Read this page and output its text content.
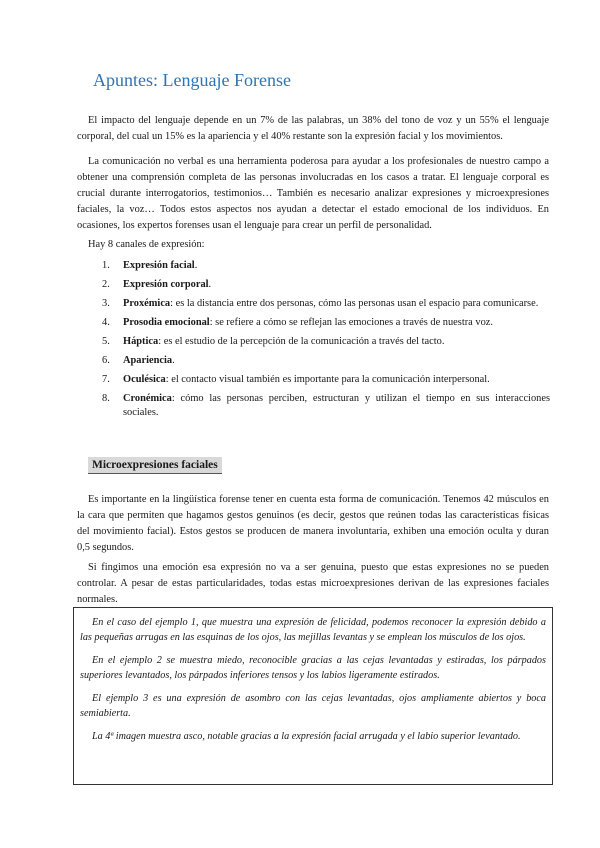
Apuntes: Lenguaje Forense

El impacto del lenguaje depende en un 7% de las palabras, un 38% del tono de voz y un 55% el lenguaje corporal, del cual un 15% es la apariencia y el 40% restante son la expresión facial y los movimientos.

La comunicación no verbal es una herramienta poderosa para ayudar a los profesionales de nuestro campo a obtener una comprensión completa de las personas involucradas en los casos a tratar. El lenguaje corporal es crucial durante interrogatorios, testimonios… También es necesario analizar expresiones y microexpresiones faciales, la voz… Todos estos aspectos nos ayudan a detectar el estado emocional de los individuos. En ocasiones, los expertos forenses usan el lenguaje para crear un perfil de personalidad.

Hay 8 canales de expresión:

1. Expresión facial.
2. Expresión corporal.
3. Proxémica: es la distancia entre dos personas, cómo las personas usan el espacio para comunicarse.
4. Prosodia emocional: se refiere a cómo se reflejan las emociones a través de nuestra voz.
5. Háptica: es el estudio de la percepción de la comunicación a través del tacto.
6. Apariencia.
7. Oculésica: el contacto visual también es importante para la comunicación interpersonal.
8. Cronémica: cómo las personas perciben, estructuran y utilizan el tiempo en sus interacciones sociales.
Microexpresiones faciales

Es importante en la lingüística forense tener en cuenta esta forma de comunicación. Tenemos 42 músculos en la cara que permiten que hagamos gestos genuinos (es decir, gestos que reúnen todas las características físicas del movimiento facial). Estos gestos se producen de manera involuntaria, exhiben una emoción oculta y duran 0,5 segundos.

Si fingimos una emoción esa expresión no va a ser genuina, puesto que estas expresiones no se pueden controlar. A pesar de estas particularidades, todas estas microexpresiones derivan de las expresiones faciales normales.

En el caso del ejemplo 1, que muestra una expresión de felicidad, podemos reconocer la expresión debido a las pequeñas arrugas en las esquinas de los ojos, las mejillas levantas y se emplean los músculos de los ojos.

En el ejemplo 2 se muestra miedo, reconocible gracias a las cejas levantadas y estiradas, los párpados superiores levantados, los párpados inferiores tensos y los labios ligeramente estirados.

El ejemplo 3 es una expresión de asombro con las cejas levantadas, ojos ampliamente abiertos y boca semiabierta.

La 4ª imagen muestra asco, notable gracias a la expresión facial arrugada y el labio superior levantado.
